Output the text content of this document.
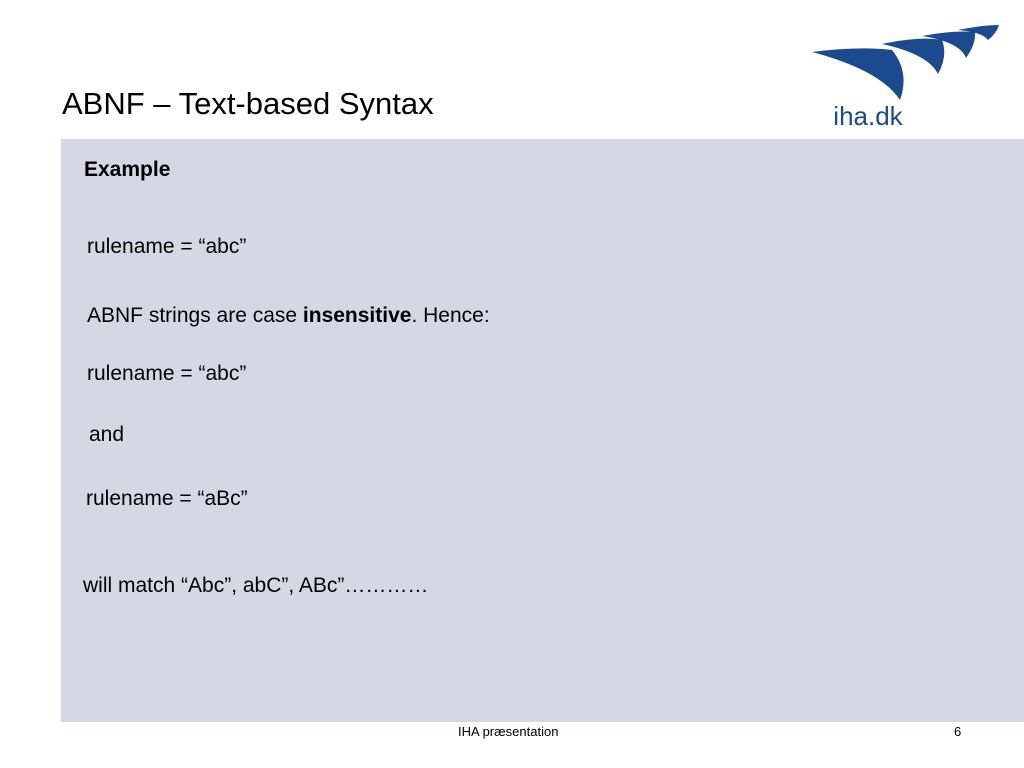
ABNF – Text-based Syntax	iha.dk
Example
rulename = “abc”
ABNF strings are case insensitive. Hence:
rulename = “abc”
and
rulename = “aBc”
will match “Abc”, abC”, ABc”…………
IHA præsentation	6
